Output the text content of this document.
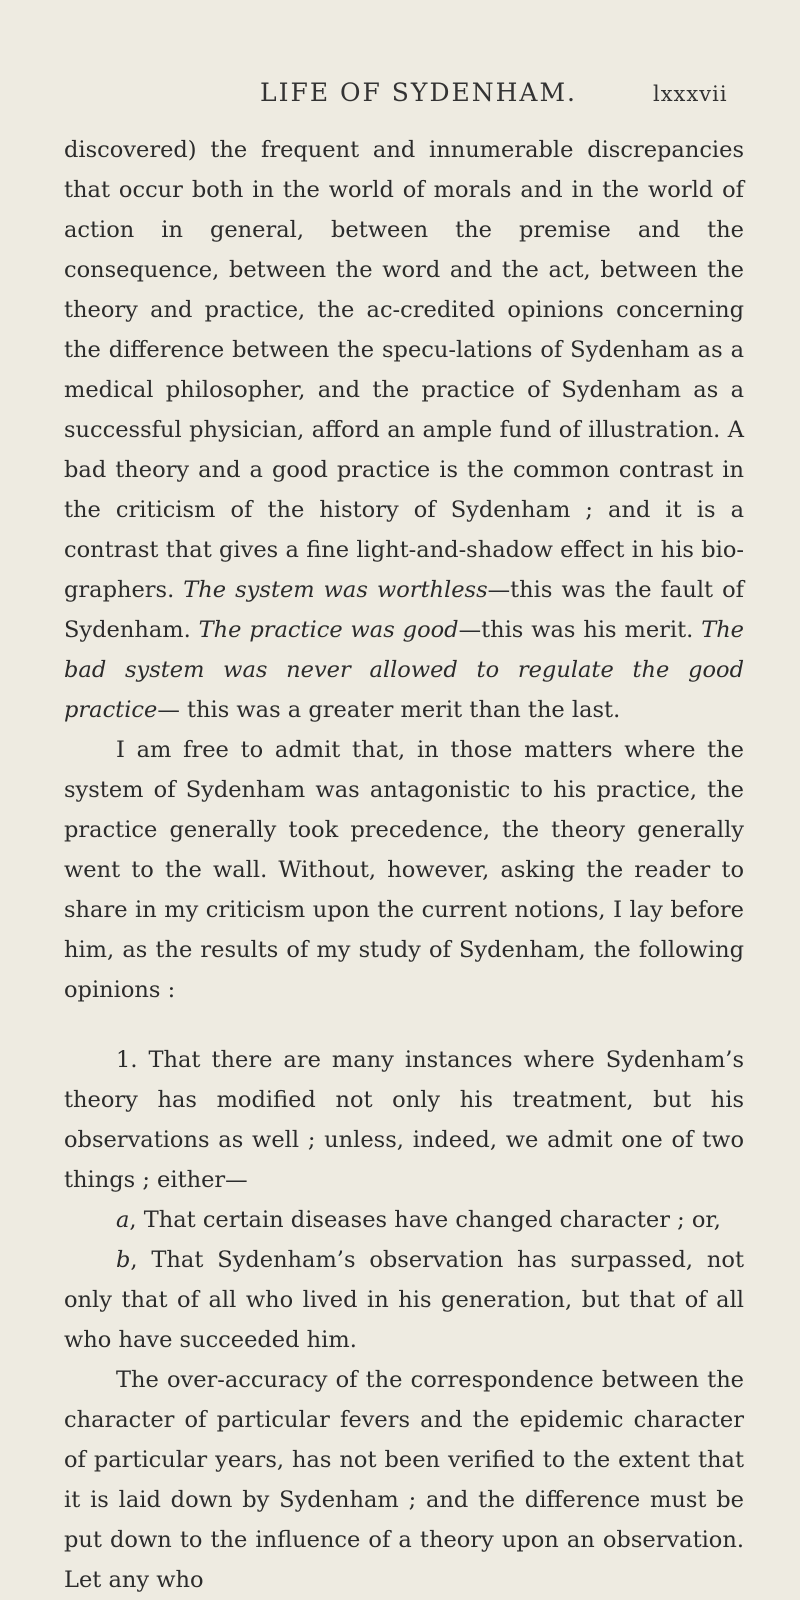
LIFE OF SYDENHAM.	lxxxvii

discovered) the frequent and innumerable discrepancies that occur both in the world of morals and in the world of action in general, between the premise and the consequence, between the word and the act, between the theory and practice, the ac-credited opinions concerning the difference between the specu-lations of Sydenham as a medical philosopher, and the practice of Sydenham as a successful physician, afford an ample fund of illustration. A bad theory and a good practice is the common contrast in the criticism of the history of Sydenham ; and it is a contrast that gives a fine light-and-shadow effect in his bio-graphers. The system was worthless—this was the fault of Sydenham. The practice was good—this was his merit. The bad system was never allowed to regulate the good practice— this was a greater merit than the last.

I am free to admit that, in those matters where the system of Sydenham was antagonistic to his practice, the practice generally took precedence, the theory generally went to the wall. Without, however, asking the reader to share in my criticism upon the current notions, I lay before him, as the results of my study of Sydenham, the following opinions :

1. That there are many instances where Sydenham’s theory has modified not only his treatment, but his observations as well ; unless, indeed, we admit one of two things ; either—

a, That certain diseases have changed character ; or,

b, That Sydenham’s observation has surpassed, not only that of all who lived in his generation, but that of all who have succeeded him.

The over-accuracy of the correspondence between the character of particular fevers and the epidemic character of particular years, has not been verified to the extent that it is laid down by Sydenham ; and the difference must be put down to the influence of a theory upon an observation. Let any who
